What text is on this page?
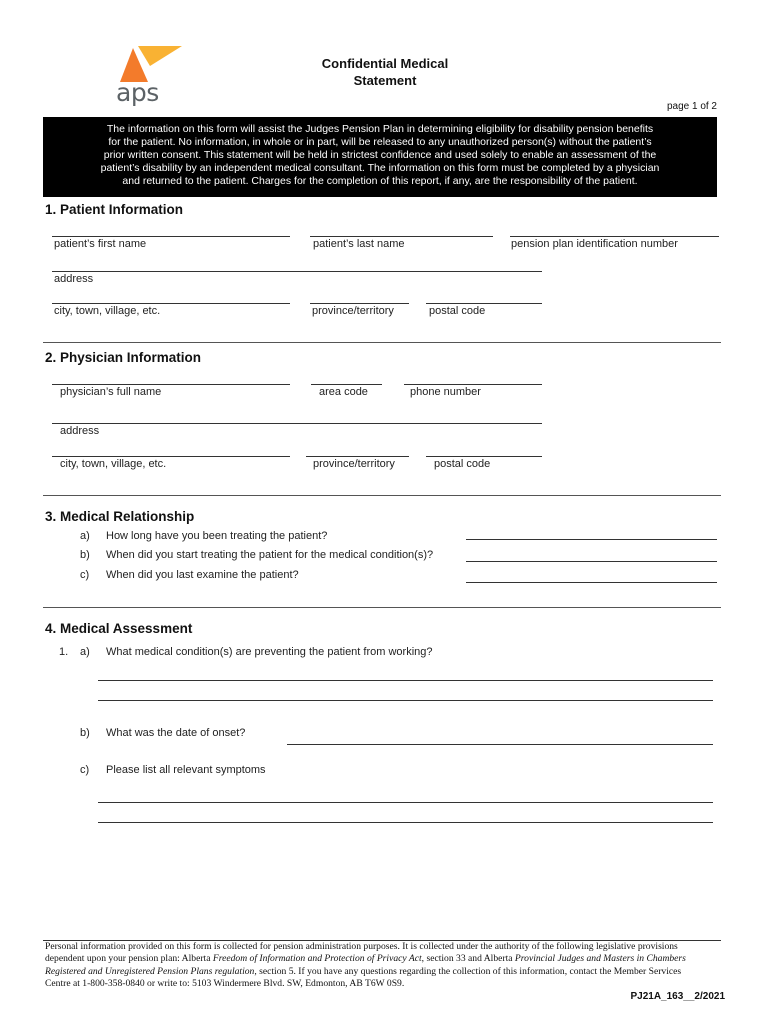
aps
Confidential Medical
Statement
page 1 of 2

The information on this form will assist the Judges Pension Plan in determining eligibility for disability pension benefits

for the patient. No information, in whole or in part, will be released to any unauthorized person(s) without the patient’s

prior written consent. This statement will be held in strictest confidence and used solely to enable an assessment of the

patient’s disability by an independent medical consultant. The information on this form must be completed by a physician

and returned to the patient. Charges for the completion of this report, if any, are the responsibility of the patient.

1. Patient Information
patient’s first name	patient’s last name	pension plan identification number
address
city, town, village, etc.	province/territory	postal code
2. Physician Information
physician’s full name	area code	phone number
address
city, town, village, etc.	province/territory	postal code
3. Medical Relationship
a) How long have you been treating the patient?
b) When did you start treating the patient for the medical condition(s)?
c) When did you last examine the patient?
4. Medical Assessment
1. a) What medical condition(s) are preventing the patient from working?
b) What was the date of onset?
c) Please list all relevant symptoms
Personal information provided on this form is collected for pension administration purposes. It is collected under the authority of the following legislative provisions
dependent upon your pension plan: Alberta Freedom of Information and Protection of Privacy Act, section 33 and Alberta Provincial Judges and Masters in Chambers
Registered and Unregistered Pension Plans regulation, section 5. If you have any questions regarding the collection of this information, contact the Member Services
Centre at 1-800-358-0840 or write to: 5103 Windermere Blvd. SW, Edmonton, AB T6W 0S9.
PJ21A_163__2/2021
